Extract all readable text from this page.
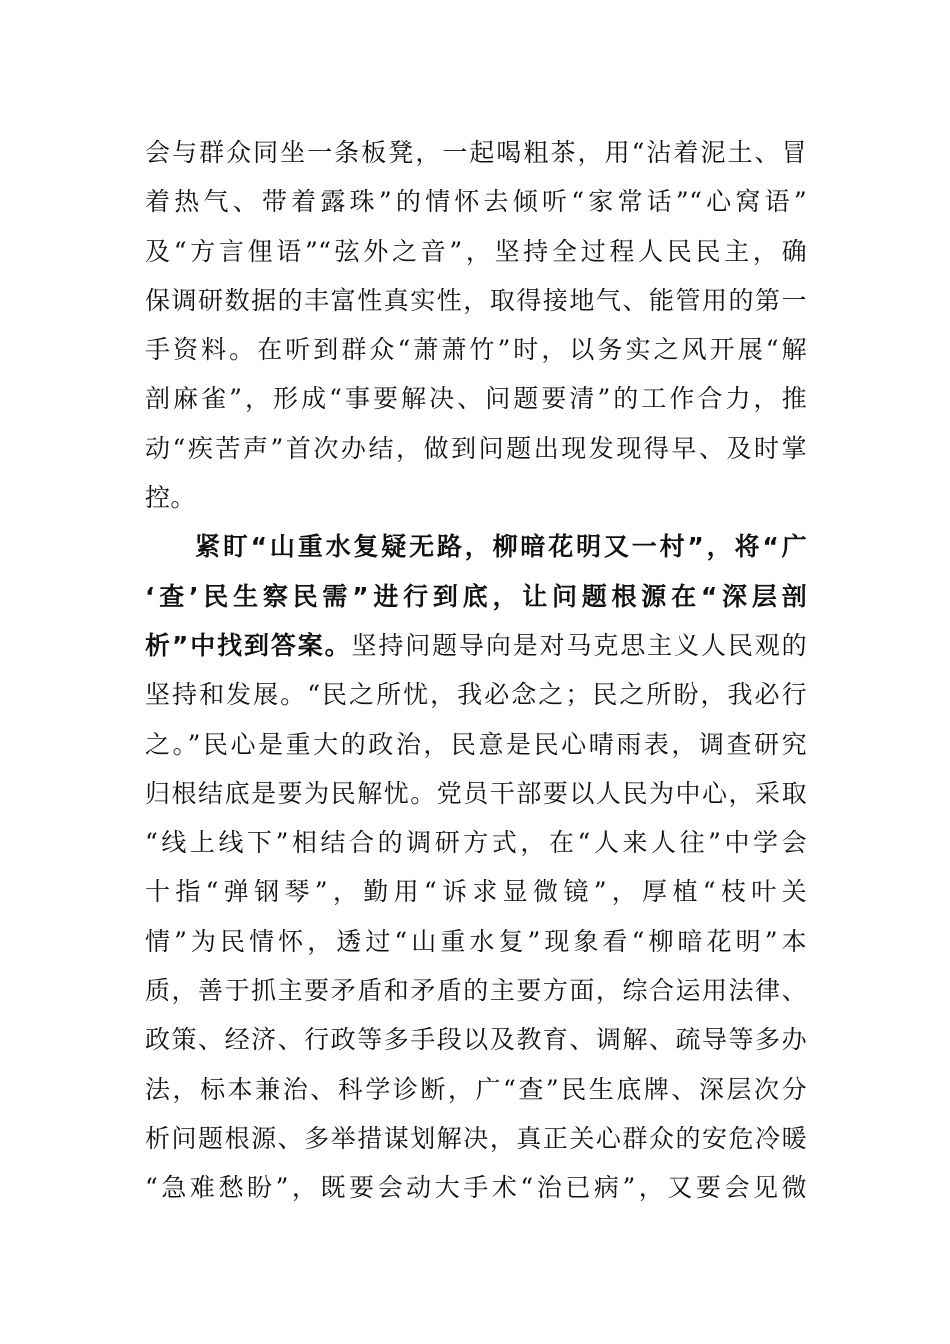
会与群众同坐一条板凳，一起喝粗茶，用“沾着泥土、冒
着热气、带着露珠”的情怀去倾听“家常话”“心窝语”
及“方言俚语”“弦外之音”，坚持全过程人民民主，确
保调研数据的丰富性真实性，取得接地气、能管用的第一
手资料。在听到群众“萧萧竹”时，以务实之风开展“解
剖麻雀”，形成“事要解决、问题要清”的工作合力，推
动“疾苦声”首次办结，做到问题出现发现得早、及时掌
控。
紧盯“山重水复疑无路，柳暗花明又一村”，将“广
‘查’民生察民需”进行到底，让问题根源在“深层剖
析”中找到答案。坚持问题导向是对马克思主义人民观的
坚持和发展。“民之所忧，我必念之；民之所盼，我必行
之。”民心是重大的政治，民意是民心晴雨表，调查研究
归根结底是要为民解忧。党员干部要以人民为中心，采取
“线上线下”相结合的调研方式，在“人来人往”中学会
十指“弹钢琴”，勤用“诉求显微镜”，厚植“枝叶关
情”为民情怀，透过“山重水复”现象看“柳暗花明”本
质，善于抓主要矛盾和矛盾的主要方面，综合运用法律、
政策、经济、行政等多手段以及教育、调解、疏导等多办
法，标本兼治、科学诊断，广“查”民生底牌、深层次分
析问题根源、多举措谋划解决，真正关心群众的安危冷暖
“急难愁盼”，既要会动大手术“治已病”，又要会见微
